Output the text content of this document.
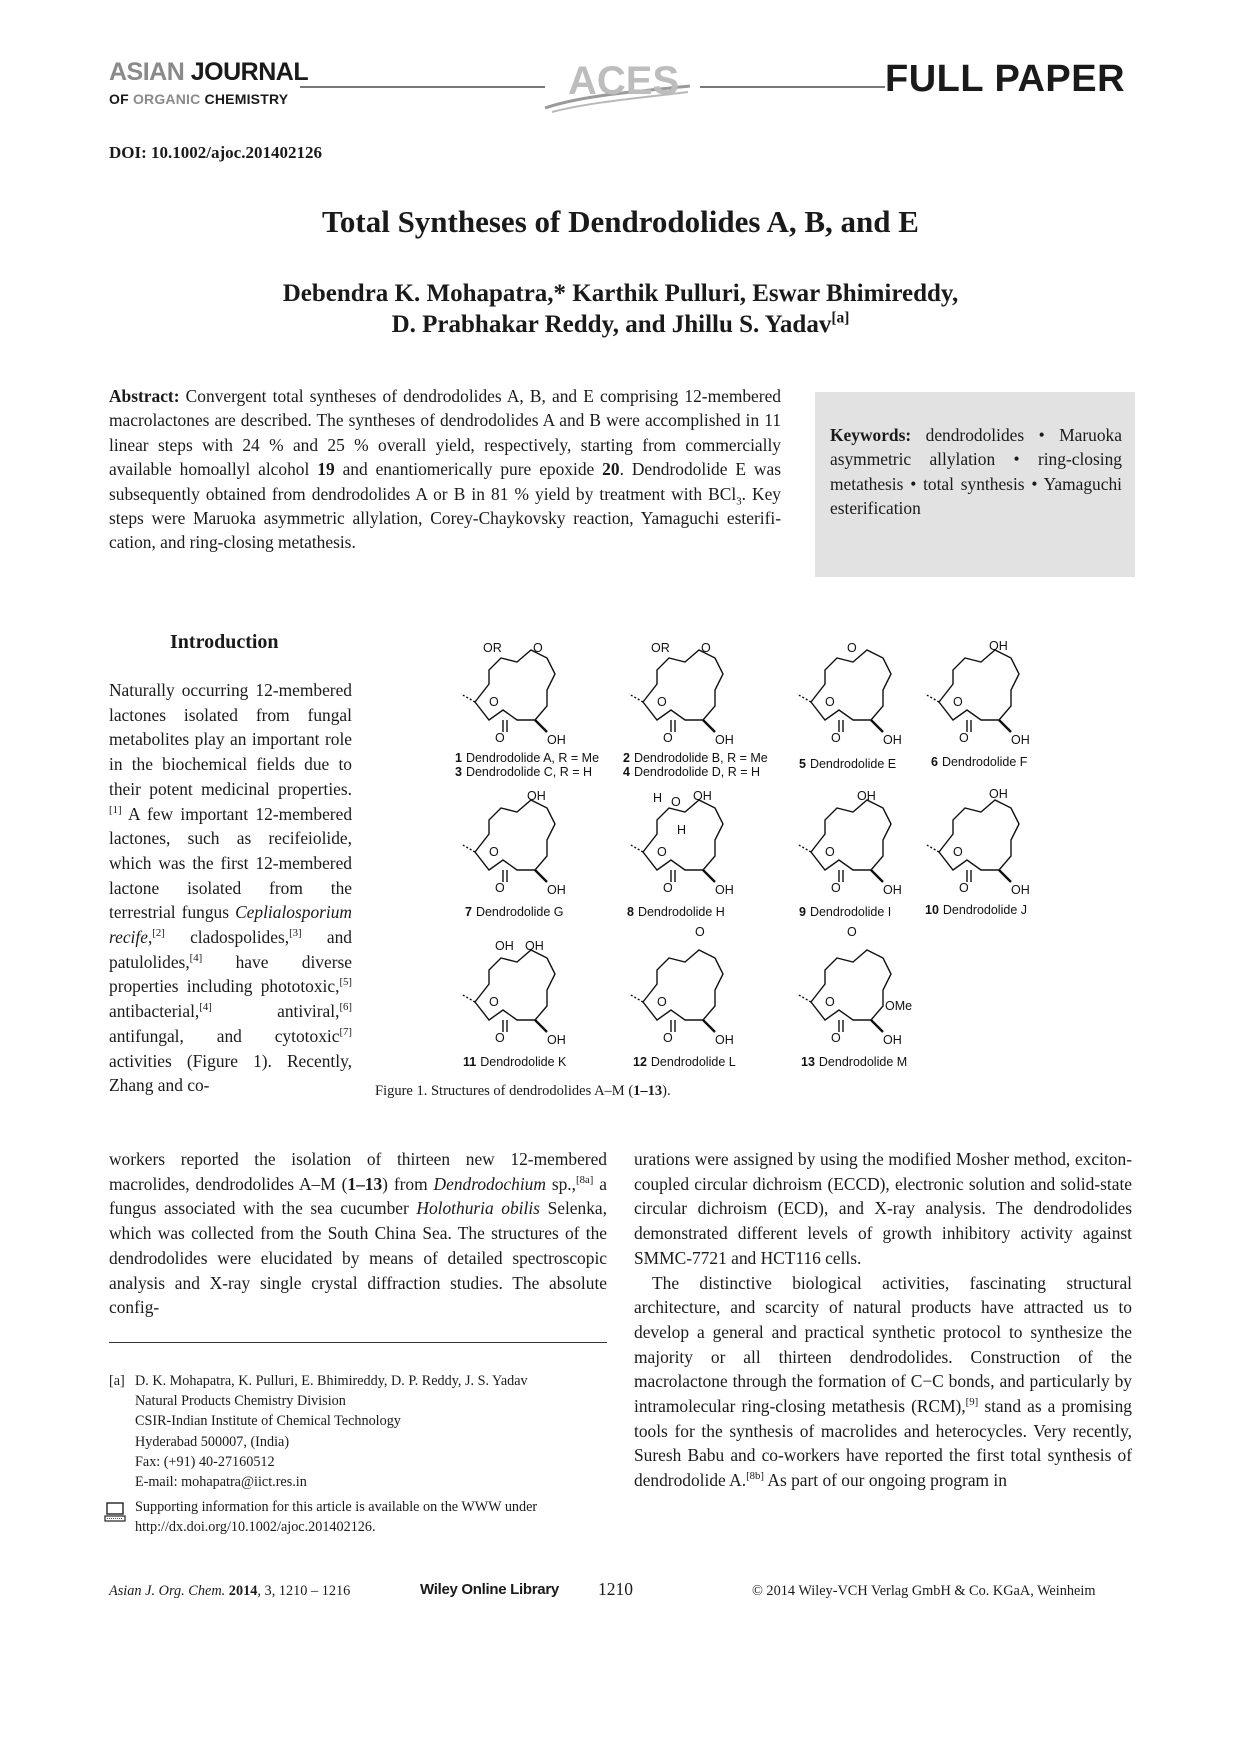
ASIAN JOURNAL
OF ORGANIC CHEMISTRY	ACES	FULL PAPER
DOI: 10.1002/ajoc.201402126
Total Syntheses of Dendrodolides A, B, and E
Debendra K. Mohapatra,* Karthik Pulluri, Eswar Bhimireddy,
D. Prabhakar Reddy, and Jhillu S. Yadav[a]
Abstract: Convergent total syntheses of dendrodolides A, B, and E comprising 12-membered macrolactones are described. The syntheses of dendrodolides A and B were accomplished in 11 linear steps with 24 % and 25 % overall yield, respectively, starting from commercially available homoallyl alcohol 19 and enantiomerically pure epoxide 20. Dendrodolide E was subsequently obtained from dendrodolides A or B in 81 % yield by treatment with BCl$_3$. Key steps were Maruoka asymmetric allylation, Corey-Chaykovsky reaction, Yamaguchi esterification, and ring-closing metathesis.
Keywords: dendrodolides • Maruoka asymmetric allylation • ring-closing metathesis • total synthesis • Yamaguchi esterification
Introduction
Naturally occurring 12-membered lactones isolated from fungal metabolites play an important role in the biochemical fields due to their potent medicinal properties.[1] A few important 12-membered lactones, such as recifeiolide, which was the first 12-membered lactone isolated from the terrestrial fungus Ceplialosporium recife,[2] cladospolides,[3] and patulolides,[4] have diverse properties including phototoxic,[5] antibacterial,[4]	antiviral,[6] antifungal, and cytotoxic[7] activities (Figure 1). Recently, Zhang and co-
workers reported the isolation of thirteen new 12-membered macrolides, dendrodolides A–M (1–13) from Dendrodochium sp.,[8a] a fungus associated with the sea cucumber Holothuria obilis Selenka, which was collected from the South China Sea. The structures of the dendrodolides were elucidated by means of detailed spectroscopic analysis and X-ray single crystal diffraction studies. The absolute config-

urations were assigned by using the modified Mosher method, exciton-coupled circular dichroism (ECCD), electronic solution and solid-state circular dichroism (ECD), and X-ray analysis. The dendrodolides demonstrated different levels of growth inhibitory activity against SMMC-7721 and HCT116 cells.

The distinctive biological activities, fascinating structural architecture, and scarcity of natural products have attracted us to develop a general and practical synthetic protocol to synthesize the majority or all thirteen dendrodolides. Construction of the macrolactone through the formation of C−C bonds, and particularly by intramolecular ring-closing metathesis (RCM),[9] stand as a promising tools for the synthesis of macrolides and heterocycles. Very recently, Suresh Babu and co-workers have reported the first total synthesis of dendrodolide A.[8b] As part of our ongoing program in

O
O	OH
OR	O
1 Dendrodolide A, R = Me
3 Dendrodolide C, R = H
O
O	OH
OR	O
2 Dendrodolide B, R = Me
4 Dendrodolide D, R = H
O
O	OH
O
5 Dendrodolide E
O
O	OH
OH
6 Dendrodolide F
O
O	OH
OH
7 Dendrodolide G
O
O	OH
OH
H O
H
8 Dendrodolide H
O
O	OH
OH
9 Dendrodolide I
O
O	OH
OH
10 Dendrodolide J
O
O	OH
OH OH
11 Dendrodolide K
O
O	OH
O
12 Dendrodolide L
O
O	OH
O
OMe
13 Dendrodolide M
Figure 1. Structures of dendrodolides A–M (1–13).
[a] D. K. Mohapatra, K. Pulluri, E. Bhimireddy, D. P. Reddy, J. S. Yadav
Natural Products Chemistry Division
CSIR-Indian Institute of Chemical Technology
Hyderabad 500007, (India)
Fax: (+91) 40-27160512
E-mail: mohapatra@iict.res.in
Supporting information for this article is available on the WWW under http://dx.doi.org/10.1002/ajoc.201402126.
Asian J. Org. Chem. 2014, 3, 1210 – 1216	Wiley Online Library 1210	© 2014 Wiley-VCH Verlag GmbH & Co. KGaA, Weinheim
